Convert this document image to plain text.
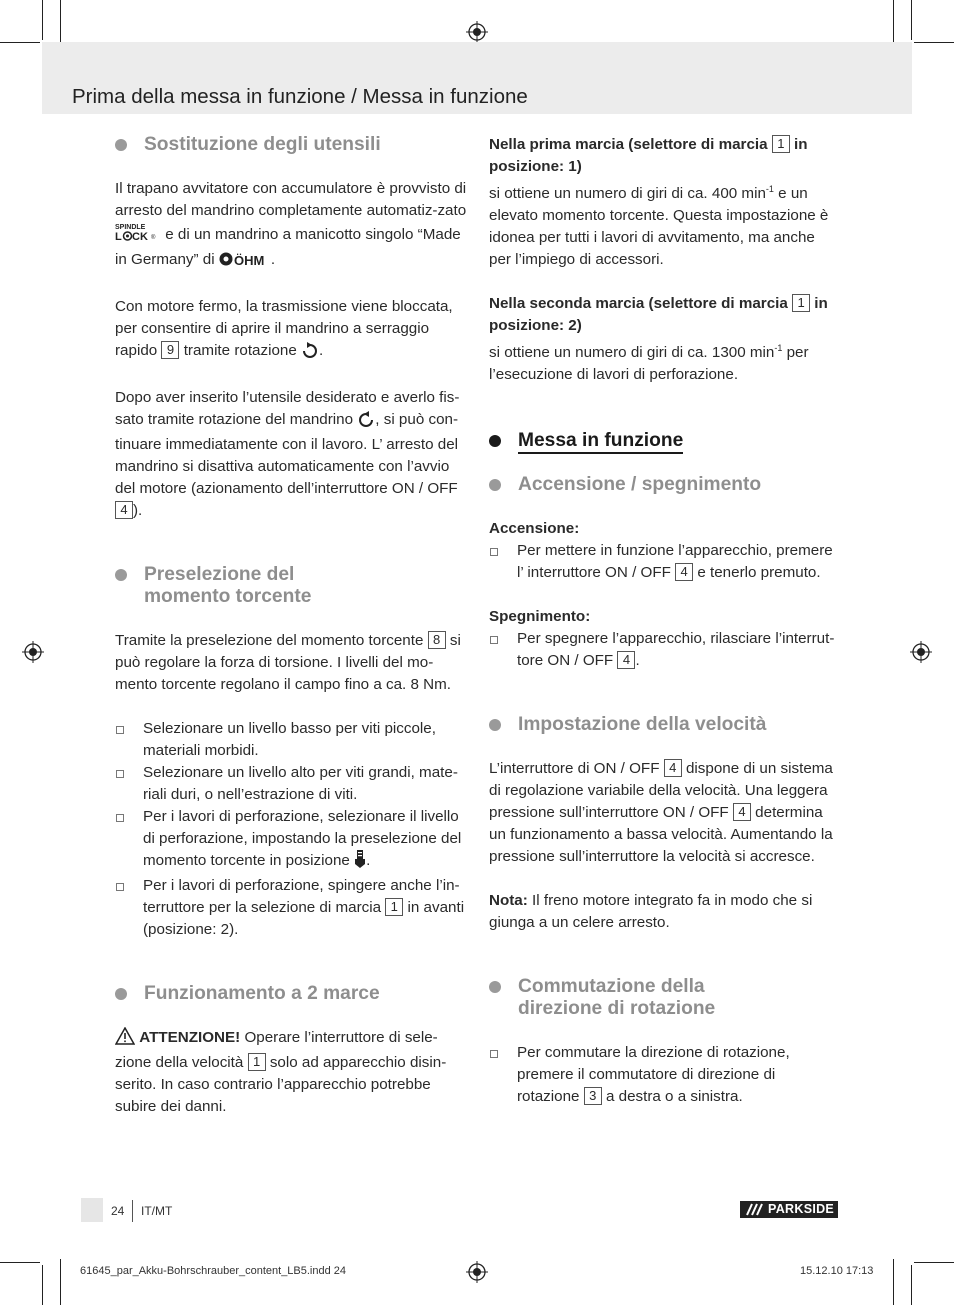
Prima della messa in funzione / Messa in funzione
Sostituzione degli utensili

Il trapano avvitatore con accumulatore è provvisto di arresto del mandrino completamente automatiz-zato
SPINDLE
L CK ® e di un mandrino a manicotto singolo “Made in Germany” di ÖHM .

Con motore fermo, la trasmissione viene bloccata, per consentire di aprire il mandrino a serraggio rapido 9 tramite rotazione .

Dopo aver inserito l’utensile desiderato e averlo fis-sato tramite rotazione del mandrino , si può con-tinuare immediatamente con il lavoro. L’ arresto del mandrino si disattiva automaticamente con l’avvio del motore (azionamento dell’interruttore ON / OFF 4 ).

Preselezione del
momento torcente

Tramite la preselezione del momento torcente 8 si può regolare la forza di torsione. I livelli del mo-mento torcente regolano il campo fino a ca. 8 Nm.

Selezionare un livello basso per viti piccole, materiali morbidi.
Selezionare un livello alto per viti grandi, mate-riali duri, o nell’estrazione di viti.
Per i lavori di perforazione, selezionare il livello di perforazione, impostando la preselezione del momento torcente in posizione .
Per i lavori di perforazione, spingere anche l’in-terruttore per la selezione di marcia 1 in avanti (posizione: 2).
Funzionamento a 2 marce

ATTENZIONE! Operare l’interruttore di sele-zione della velocità 1 solo ad apparecchio disin-serito. In caso contrario l’apparecchio potrebbe subire dei danni.

Nella prima marcia (selettore di marcia 1 in posizione: 1)

si ottiene un numero di giri di ca. 400 $\min^{-1} e$ un elevato momento torcente. Questa impostazione è idonea per tutti i lavori di avvitamento, ma anche per l’impiego di accessori.

Nella seconda marcia (selettore di marcia 1 in posizione: 2)

si ottiene un numero di giri di ca. 1300 $\min^{-1}$ per l’esecuzione di lavori di perforazione.

Messa in funzione
Accensione / spegnimento

Accensione:

Per mettere in funzione l’apparecchio, premere l’ interruttore ON / OFF 4 e tenerlo premuto.

Spegnimento:

Per spegnere l’apparecchio, rilasciare l’interrut-tore ON / OFF 4 .
Impostazione della velocità

L’interruttore di ON / OFF 4 dispone di un sistema di regolazione variabile della velocità. Una leggera pressione sull’interruttore ON / OFF 4 determina un funzionamento a bassa velocità. Aumentando la pressione sull’interruttore la velocità si accresce.

Nota: Il freno motore integrato fa in modo che si giunga a un celere arresto.

Commutazione della
direzione di rotazione
Per commutare la direzione di rotazione, premere il commutatore di direzione di rotazione 3 a destra o a sinistra.
24 IT/MT	PARKSIDE
61645_par_Akku-Bohrschrauber_content_LB5.indd 24	15.12.10 17:13
